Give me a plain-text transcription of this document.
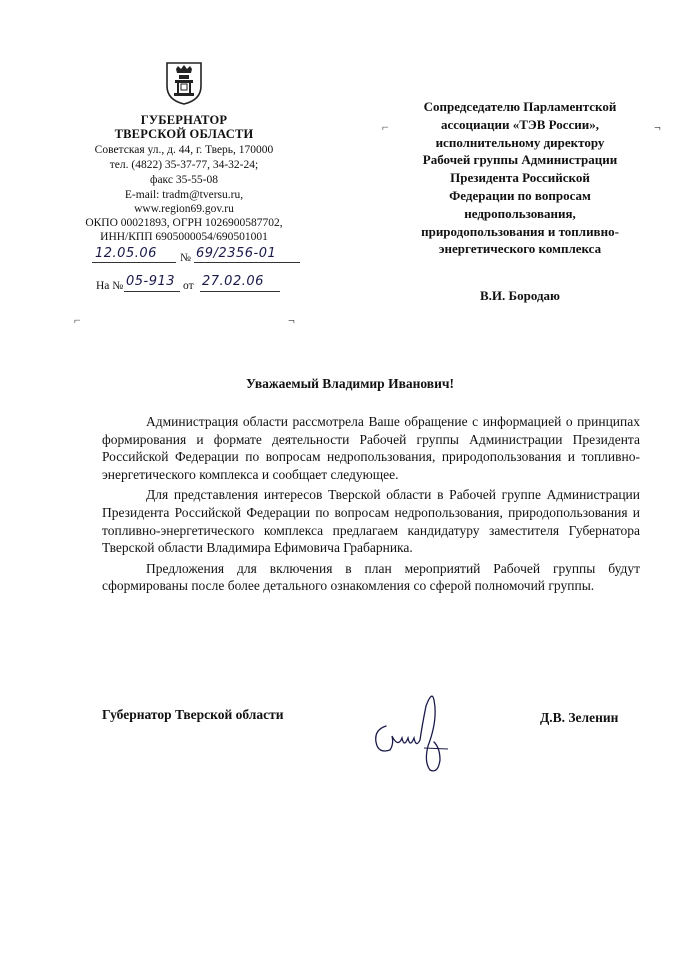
ГУБЕРНАТОР
ТВЕРСКОЙ ОБЛАСТИ
Советская ул., д. 44, г. Тверь, 170000
тел. (4822) 35-37-77, 34-32-24;
факс 35-55-08
E-mail: tradm@tversu.ru,
www.region69.gov.ru
ОКПО 00021893, ОГРН 1026900587702,
ИНН/КПП 6905000054/690501001
12.05.06 № 69/2356-01
На № 05-913 от 27.02.06
⌐	¬
⌐	¬
Сопредседателю Парламентской
ассоциации «ТЭВ России»,
исполнительному директору
Рабочей группы Администрации
Президента Российской
Федерации по вопросам
недропользования,
природопользования и топливно-
энергетического комплекса
В.И. Бородаю
Уважаемый Владимир Иванович!

Администрация области рассмотрела Ваше обращение с информацией о принципах формирования и формате деятельности Рабочей группы Администрации Президента Российской Федерации по вопросам недропользования, природопользования и топливно-энергетического комплекса и сообщает следующее.

Для представления интересов Тверской области в Рабочей группе Администрации Президента Российской Федерации по вопросам недропользования, природопользования и топливно-энергетического комплекса предлагаем кандидатуру заместителя Губернатора Тверской области Владимира Ефимовича Грабарника.

Предложения для включения в план мероприятий Рабочей группы будут сформированы после более детального ознакомления со сферой полномочий группы.

Губернатор Тверской области	Д.В. Зеленин
